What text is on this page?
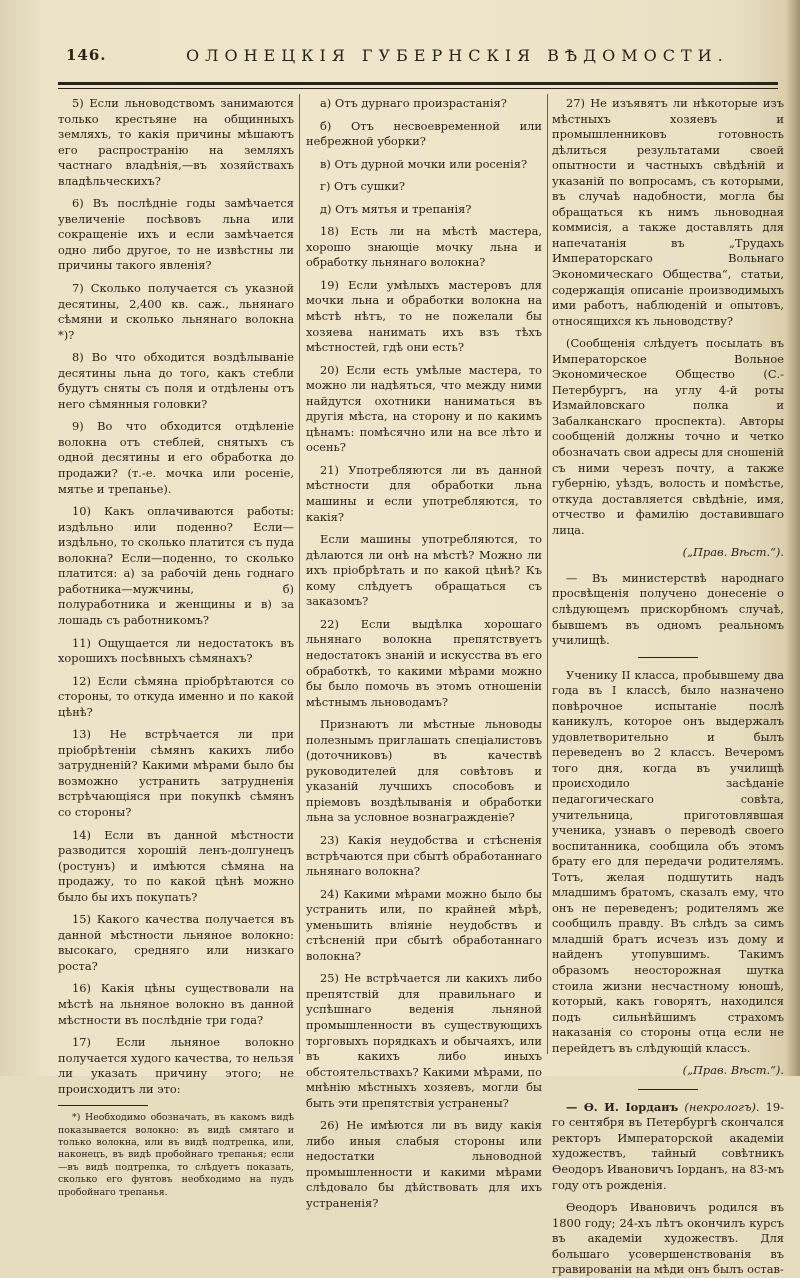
146.	ОЛОНЕЦКІЯ ГУБЕРНСКІЯ ВѢДОМОСТИ.

5) Если льноводствомъ занимаются только крестьяне на общинныхъ земляхъ, то какія причины мѣшаютъ его распространію на земляхъ частнаго владѣнія,—въ хозяйствахъ владѣльческихъ?

6) Въ послѣдніе годы замѣчается увеличеніе посѣвовъ льна или сокращеніе ихъ и если замѣчается одно либо другое, то не извѣстны ли причины такого явленія?

7) Сколько получается съ указной десятины, 2,400 кв. саж., льнянаго сѣмяни и сколько льнянаго волокна *)?

8) Во что обходится воздѣлываніе десятины льна до того, какъ стебли будутъ сняты съ поля и отдѣлены отъ него сѣмянныя головки?

9) Во что обходится отдѣленіе волокна отъ стеблей, снятыхъ съ одной десятины и его обработка до продажи? (т.-е. мочка или росеніе, мятье и трепанье).

10) Какъ оплачиваются работы: издѣльно или поденно? Если—издѣльно, то сколько платится съ пуда волокна? Если—поденно, то сколько платится: а) за рабочій день годнаго работника—мужчины, б) полуработника и женщины и в) за лошадь съ работникомъ?

11) Ощущается ли недостатокъ въ хорошихъ посѣвныхъ сѣмянахъ?

12) Если сѣмяна пріобрѣтаются со стороны, то откуда именно и по какой цѣнѣ?

13) Не встрѣчается ли при пріобрѣтеніи сѣмянъ какихъ либо затрудненій? Какими мѣрами было бы возможно устранить затрудненія встрѣчающіяся при покупкѣ сѣмянъ со стороны?

14) Если въ данной мѣстности разводится хорошій ленъ-долгунецъ (ростунъ) и имѣются сѣмяна на продажу, то по какой цѣнѣ можно было бы ихъ покупать?

15) Какого качества получается въ данной мѣстности льняное волокно: высокаго, средняго или низкаго роста?

16) Какія цѣны существовали на мѣстѣ на льняное волокно въ данной мѣстности въ послѣдніе три года?

17) Если льняное волокно получается худого качества, то нельзя ли указать причину этого; не происходитъ ли это:

*) Необходимо обозначать, въ какомъ видѣ показывается волокно: въ видѣ смятаго и только волокна, или въ видѣ подтрепка, или, наконецъ, въ видѣ пробойнаго трепанья; если—въ видѣ подтрепка, то слѣдуетъ показать, сколько его фунтовъ необходимо на пудъ пробойнаго трепанья.

а) Отъ дурнаго произрастанія?

б) Отъ несвоевременной или небрежной уборки?

в) Отъ дурной мочки или росенія?

г) Отъ сушки?

д) Отъ мятья и трепанія?

18) Есть ли на мѣстѣ мастера, хорошо знающіе мочку льна и обработку льнянаго волокна?

19) Если умѣлыхъ мастеровъ для мочки льна и обработки волокна на мѣстѣ нѣтъ, то не пожелали бы хозяева нанимать ихъ взъ тѣхъ мѣстностей, гдѣ они есть?

20) Если есть умѣлые мастера, то можно ли надѣяться, что между ними найдутся охотники наниматься въ другія мѣста, на сторону и по какимъ цѣнамъ: помѣсячно или на все лѣто и осень?

21) Употребляются ли въ данной мѣстности для обработки льна машины и если употребляются, то какія?

Если машины употребляются, то дѣлаются ли онѣ на мѣстѣ? Можно ли ихъ пріобрѣтать и по какой цѣнѣ? Къ кому слѣдуетъ обращаться съ заказомъ?

22) Если выдѣлка хорошаго льнянаго волокна препятствуетъ недостатокъ знаній и искусства въ его обработкѣ, то какими мѣрами можно бы было помочь въ этомъ отношеніи мѣстнымъ льноводамъ?

Признаютъ ли мѣстные льноводы полезнымъ приглашать спеціалистовъ (доточниковъ) въ качествѣ руководителей для совѣтовъ и указаній лучшихъ способовъ и пріемовъ воздѣлыванія и обработки льна за условное вознагражденіе?

23) Какія неудобства и стѣсненія встрѣчаются при сбытѣ обработаннаго льнянаго волокна?

24) Какими мѣрами можно было бы устранить или, по крайней мѣрѣ, уменьшить вліяніе неудобствъ и стѣсненій при сбытѣ обработаннаго волокна?

25) Не встрѣчается ли какихъ либо препятствій для правильнаго и успѣшнаго веденія льняной промышленности въ существующихъ торговыхъ порядкахъ и обычаяхъ, или въ какихъ либо иныхъ обстоятельствахъ? Какими мѣрами, по мнѣнію мѣстныхъ хозяевъ, могли бы быть эти препятствія устранены?

26) Не имѣются ли въ виду какія либо иныя слабыя стороны или недостатки льноводной промышленности и какими мѣрами слѣдовало бы дѣйствовать для ихъ устраненія?

27) Не изъявятъ ли нѣкоторые изъ мѣстныхъ хозяевъ и промышленниковъ готовность дѣлиться результатами своей опытности и частныхъ свѣдѣній и указаній по вопросамъ, съ которыми, въ случаѣ надобности, могла бы обращаться къ нимъ льноводная коммисія, а также доставлять для напечатанія въ „Трудахъ Императорскаго Вольнаго Экономическаго Общества“, статьи, содержащія описаніе производимыхъ ими работъ, наблюденій и опытовъ, относящихся къ льноводству?

(Сообщенія слѣдуетъ посылать въ Императорское Вольное Экономическое Общество (С.-Петербургъ, на углу 4-й роты Измайловскаго полка и Забалканскаго проспекта). Авторы сообщеній должны точно и четко обозначать свои адресы для сношеній съ ними черезъ почту, а также губернію, уѣздъ, волость и помѣстье, откуда доставляется свѣдѣніе, имя, отчество и фамилію доставившаго лица.

(„Прав. Вѣст.“).

— Въ министерствѣ народнаго просвѣщенія получено донесеніе о слѣдующемъ прискорбномъ случаѣ, бывшемъ въ одномъ реальномъ училищѣ.

Ученику II класса, пробывшему два года въ I классѣ, было назначено повѣрочное испытаніе послѣ каникулъ, которое онъ выдержалъ удовлетворительно и былъ переведенъ во 2 классъ. Вечеромъ того дня, когда въ училищѣ происходило засѣданіе педагогическаго совѣта, учительница, приготовлявшая ученика, узнавъ о переводѣ своего воспитанника, сообщила объ этомъ брату его для передачи родителямъ. Тотъ, желая подшутить надъ младшимъ братомъ, сказалъ ему, что онъ не переведенъ; родителямъ же сообщилъ правду. Въ слѣдъ за симъ младшій братъ исчезъ изъ дому и найденъ утопувшимъ. Такимъ образомъ неосторожная шутка стоила жизни несчастному юношѣ, который, какъ говорятъ, находился подъ сильнѣйшимъ страхомъ наказанія со стороны отца если не перейдетъ въ слѣдующій классъ.

(„Прав. Вѣст.“).

— Ѳ. И. Іорданъ (некрологъ). 19-го сентября въ Петербургѣ скончался ректоръ Императорской академіи художествъ, тайный совѣтникъ Ѳеодоръ Ивановичъ Іорданъ, на 83-мъ году отъ рожденія.

Ѳеодоръ Ивановичъ родился въ 1800 году; 24-хъ лѣтъ окончилъ курсъ въ академіи художествъ. Для большаго усовершенствованія въ гравированіи на мѣди онъ былъ остав-
